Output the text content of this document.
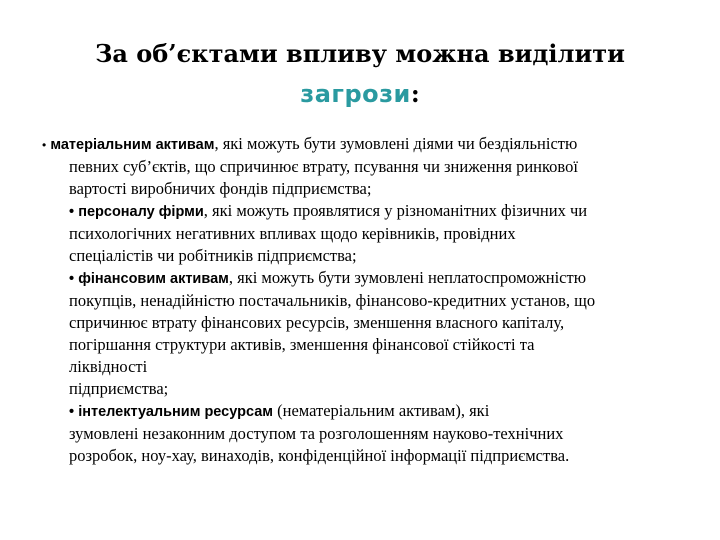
За об’єктами впливу можна виділити
загрози:
• матеріальним активам, які можуть бути зумовлені діями чи бездіяльністю
певних суб’єктів, що спричинює втрату, псування чи зниження ринкової
вартості виробничих фондів підприємства;
• персоналу фірми, які можуть проявлятися у різноманітних фізичних чи
психологічних негативних впливах щодо керівників, провідних
спеціалістів чи робітників підприємства;
• фінансовим активам, які можуть бути зумовлені неплатоспроможністю
покупців, ненадійністю постачальників, фінансово-кредитних установ, що
спричинює втрату фінансових ресурсів, зменшення власного капіталу,
погіршання структури активів, зменшення фінансової стійкості та
ліквідності
підприємства;
• інтелектуальним ресурсам (нематеріальним активам), які
зумовлені незаконним доступом та розголошенням науково-технічних
розробок, ноу-хау, винаходів, конфіденційної інформації підприємства.
